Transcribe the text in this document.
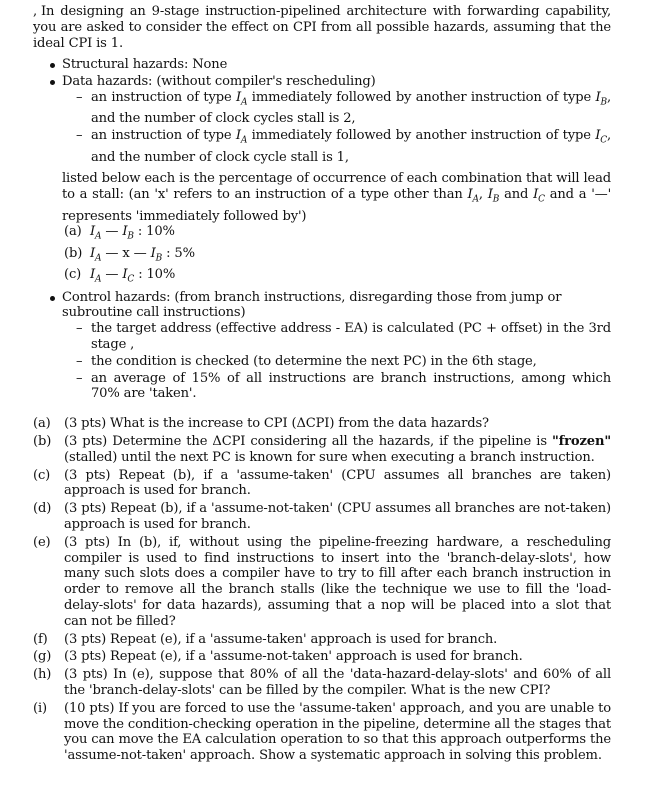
, In designing an 9-stage instruction-pipelined architecture with forwarding capability, you are asked to consider the effect on CPI from all possible hazards, assuming that the ideal CPI is 1.

Structural hazards: None
Data hazards: (without compiler's rescheduling)
– an instruction of type $I_A$ immediately followed by another instruction of type $I_B$, and the number of clock cycles stall is 2,
– an instruction of type $I_A$ immediately followed by another instruction of type $I_C$, and the number of clock cycle stall is 1,

listed below each is the percentage of occurrence of each combination that will lead to a stall: (an 'x' refers to an instruction of a type other than $I_A$, $I_B$ and $I_C$ and a '—' represents 'immediately followed by')

(a) $I_A$ — $I_B$ : 10%
(b) $I_A$ — x — $I_B$ : 5%
(c) $I_A$ — $I_C$ : 10%
Control hazards: (from branch instructions, disregarding those from jump or subroutine call instructions)
– the target address (effective address - EA) is calculated (PC + offset) in the 3rd stage ,
– the condition is checked (to determine the next PC) in the 6th stage,
– an average of 15% of all instructions are branch instructions, among which 70% are 'taken'.
(a) (3 pts) What is the increase to CPI (ΔCPI) from the data hazards?
(b) (3 pts) Determine the ΔCPI considering all the hazards, if the pipeline is "frozen" (stalled) until the next PC is known for sure when executing a branch instruction.
(c) (3 pts) Repeat (b), if a 'assume-taken' (CPU assumes all branches are taken) approach is used for branch.
(d) (3 pts) Repeat (b), if a 'assume-not-taken' (CPU assumes all branches are not-taken) approach is used for branch.
(e) (3 pts) In (b), if, without using the pipeline-freezing hardware, a rescheduling compiler is used to find instructions to insert into the 'branch-delay-slots', how many such slots does a compiler have to try to fill after each branch instruction in order to remove all the branch stalls (like the technique we use to fill the 'load-delay-slots' for data hazards), assuming that a nop will be placed into a slot that can not be filled?
(f) (3 pts) Repeat (e), if a 'assume-taken' approach is used for branch.
(g) (3 pts) Repeat (e), if a 'assume-not-taken' approach is used for branch.
(h) (3 pts) In (e), suppose that 80% of all the 'data-hazard-delay-slots' and 60% of all the 'branch-delay-slots' can be filled by the compiler. What is the new CPI?
(i) (10 pts) If you are forced to use the 'assume-taken' approach, and you are unable to move the condition-checking operation in the pipeline, determine all the stages that you can move the EA calculation operation to so that this approach outperforms the 'assume-not-taken' approach. Show a systematic approach in solving this problem.
